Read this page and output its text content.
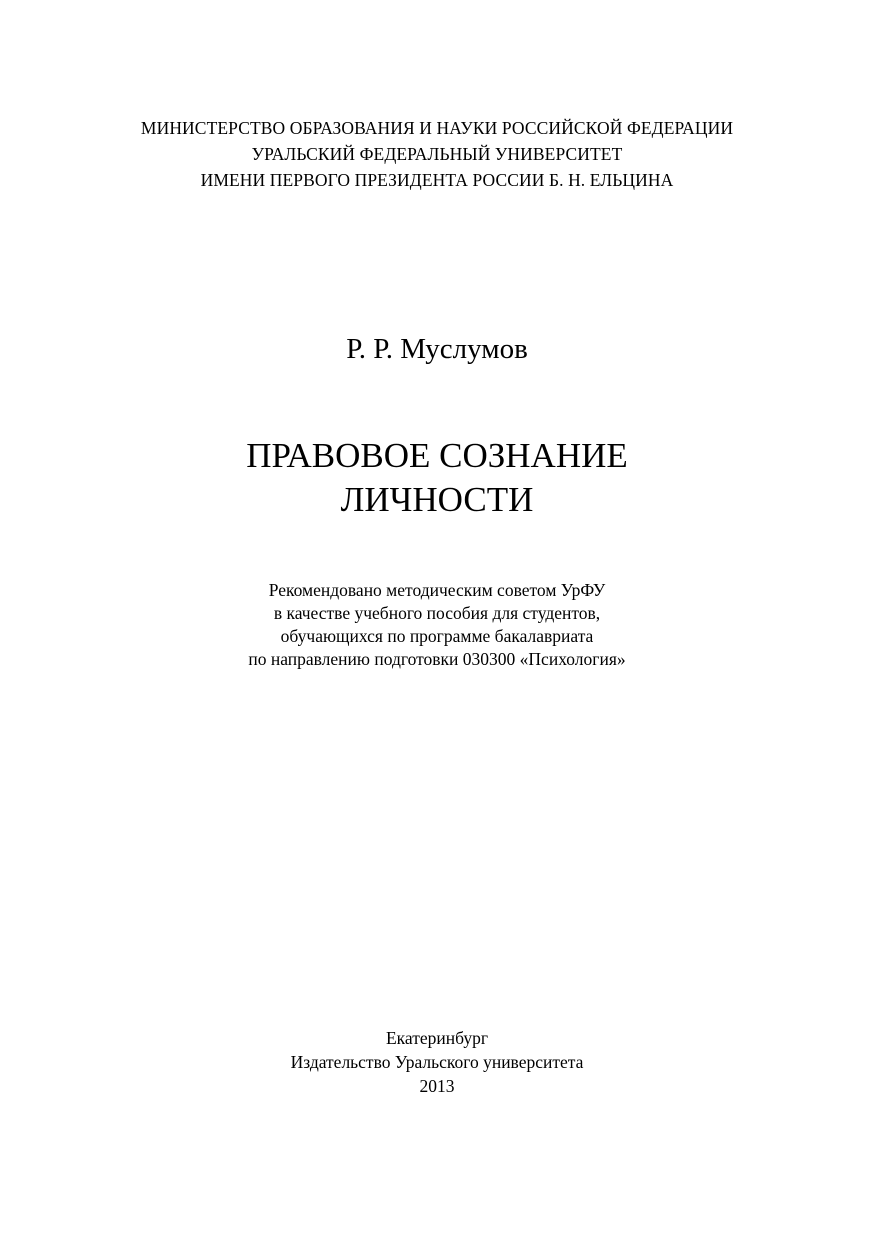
МИНИСТЕРСТВО ОБРАЗОВАНИЯ И НАУКИ РОССИЙСКОЙ ФЕДЕРАЦИИ
УРАЛЬСКИЙ ФЕДЕРАЛЬНЫЙ УНИВЕРСИТЕТ
ИМЕНИ ПЕРВОГО ПРЕЗИДЕНТА РОССИИ Б. Н. ЕЛЬЦИНА
Р. Р. Муслумов
ПРАВОВОЕ СОЗНАНИЕ
ЛИЧНОСТИ
Рекомендовано методическим советом УрФУ
в качестве учебного пособия для студентов,
обучающихся по программе бакалавриата
по направлению подготовки 030300 «Психология»
Екатеринбург
Издательство Уральского университета
2013
